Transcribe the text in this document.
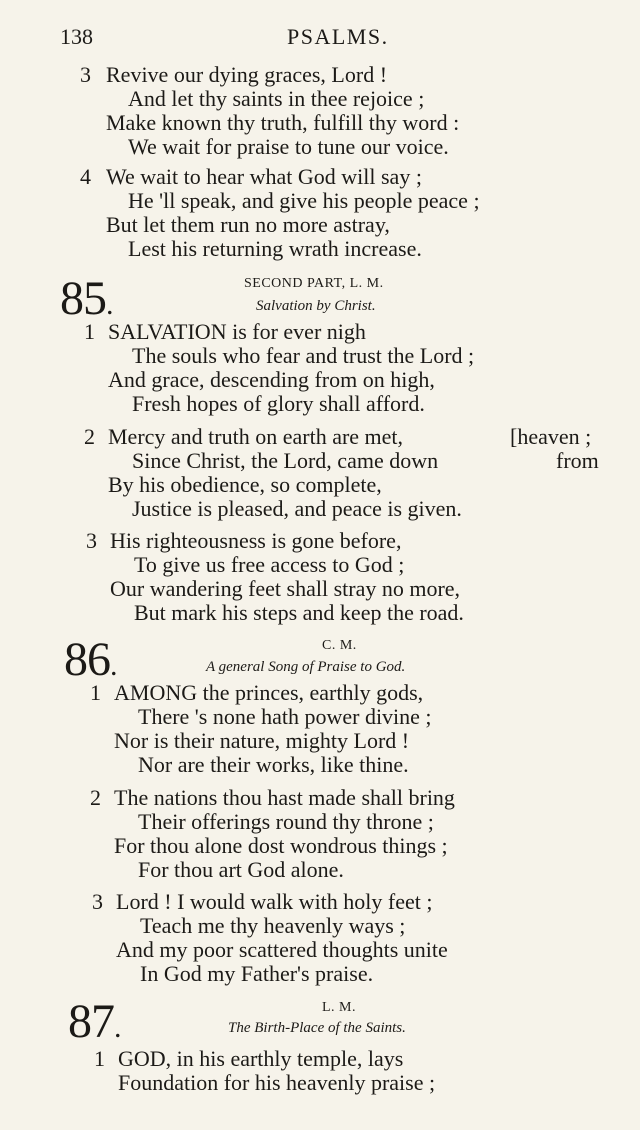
138	PSALMS.
3 Revive our dying graces, Lord !
And let thy saints in thee rejoice ;
Make known thy truth, fulfill thy word :
We wait for praise to tune our voice.
4 We wait to hear what God will say ;
He 'll speak, and give his people peace ;
But let them run no more astray,
Lest his returning wrath increase.
85.
SECOND PART, L. M.
Salvation by Christ.
1 SALVATION is for ever nigh
The souls who fear and trust the Lord ;
And grace, descending from on high,
Fresh hopes of glory shall afford.
2 Mercy and truth on earth are met,	[heaven ;
Since Christ, the Lord, came down	from
By his obedience, so complete,
Justice is pleased, and peace is given.
3 His righteousness is gone before,
To give us free access to God ;
Our wandering feet shall stray no more,
But mark his steps and keep the road.
86.
C. M.
A general Song of Praise to God.
1 AMONG the princes, earthly gods,
There 's none hath power divine ;
Nor is their nature, mighty Lord !
Nor are their works, like thine.
2 The nations thou hast made shall bring
Their offerings round thy throne ;
For thou alone dost wondrous things ;
For thou art God alone.
3 Lord ! I would walk with holy feet ;
Teach me thy heavenly ways ;
And my poor scattered thoughts unite
In God my Father's praise.
87.
L. M.
The Birth-Place of the Saints.
1 GOD, in his earthly temple, lays
Foundation for his heavenly praise ;
